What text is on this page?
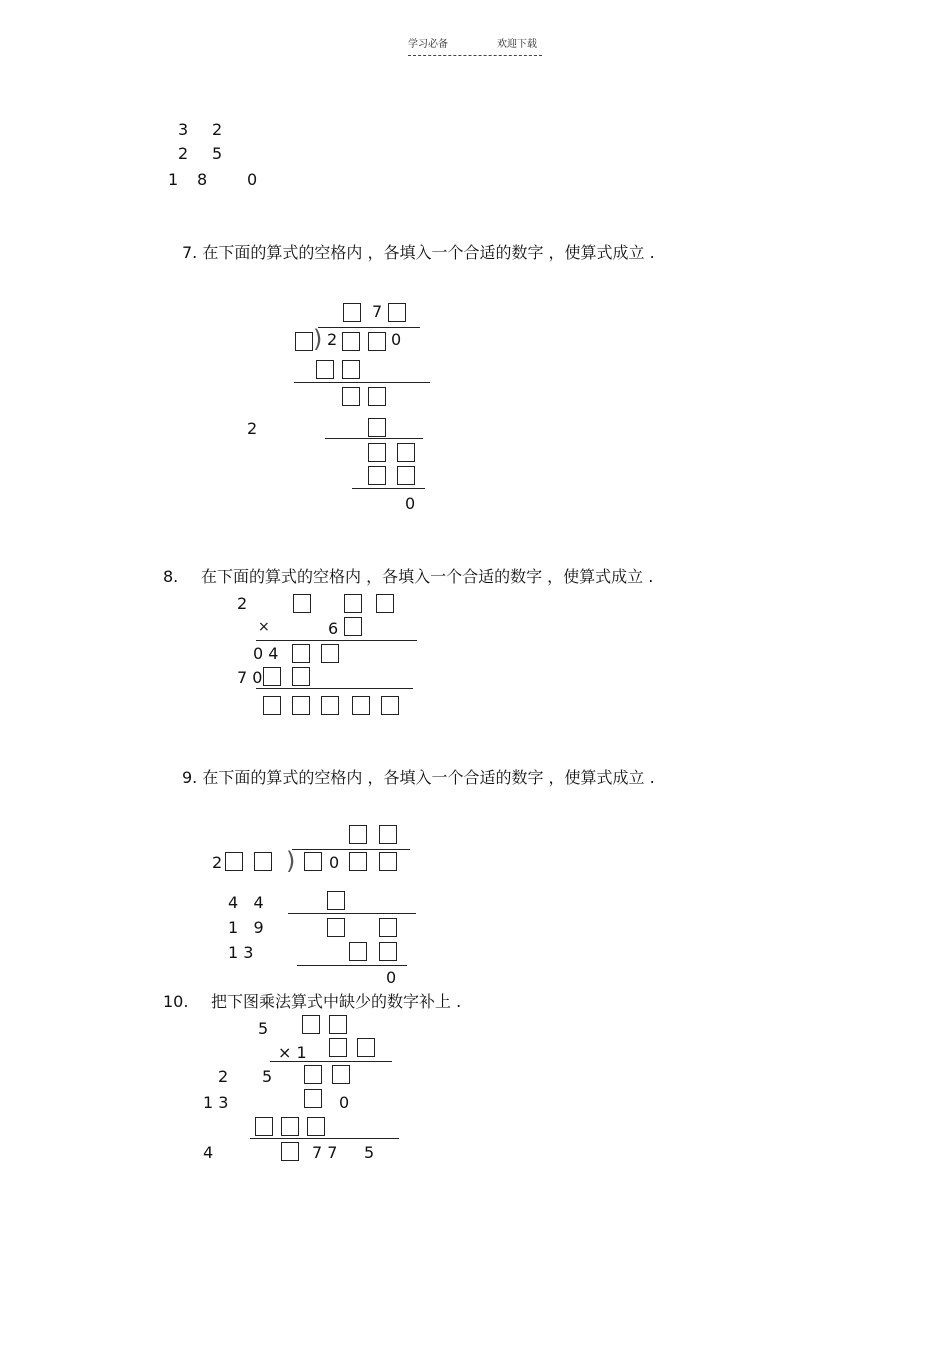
学习必备	欢迎下载
3 2
2 5
1 8 0
7. 在下面的算式的空格内 ，各填入一个合适的数字 ，使算式成立 .
7
) 2	0
2
0
8. 在下面的算式的空格内 ，各填入一个合适的数字 ，使算式成立 .
2
×	6
0 4
7 0
9. 在下面的算式的空格内 ，各填入一个合适的数字 ，使算式成立 .
2	) 0
4   4
1   9
1 3
0
10. 把下图乘法算式中缺少的数字补上 .
5
× 1
2 5
1 3	0
4	7 7 5
